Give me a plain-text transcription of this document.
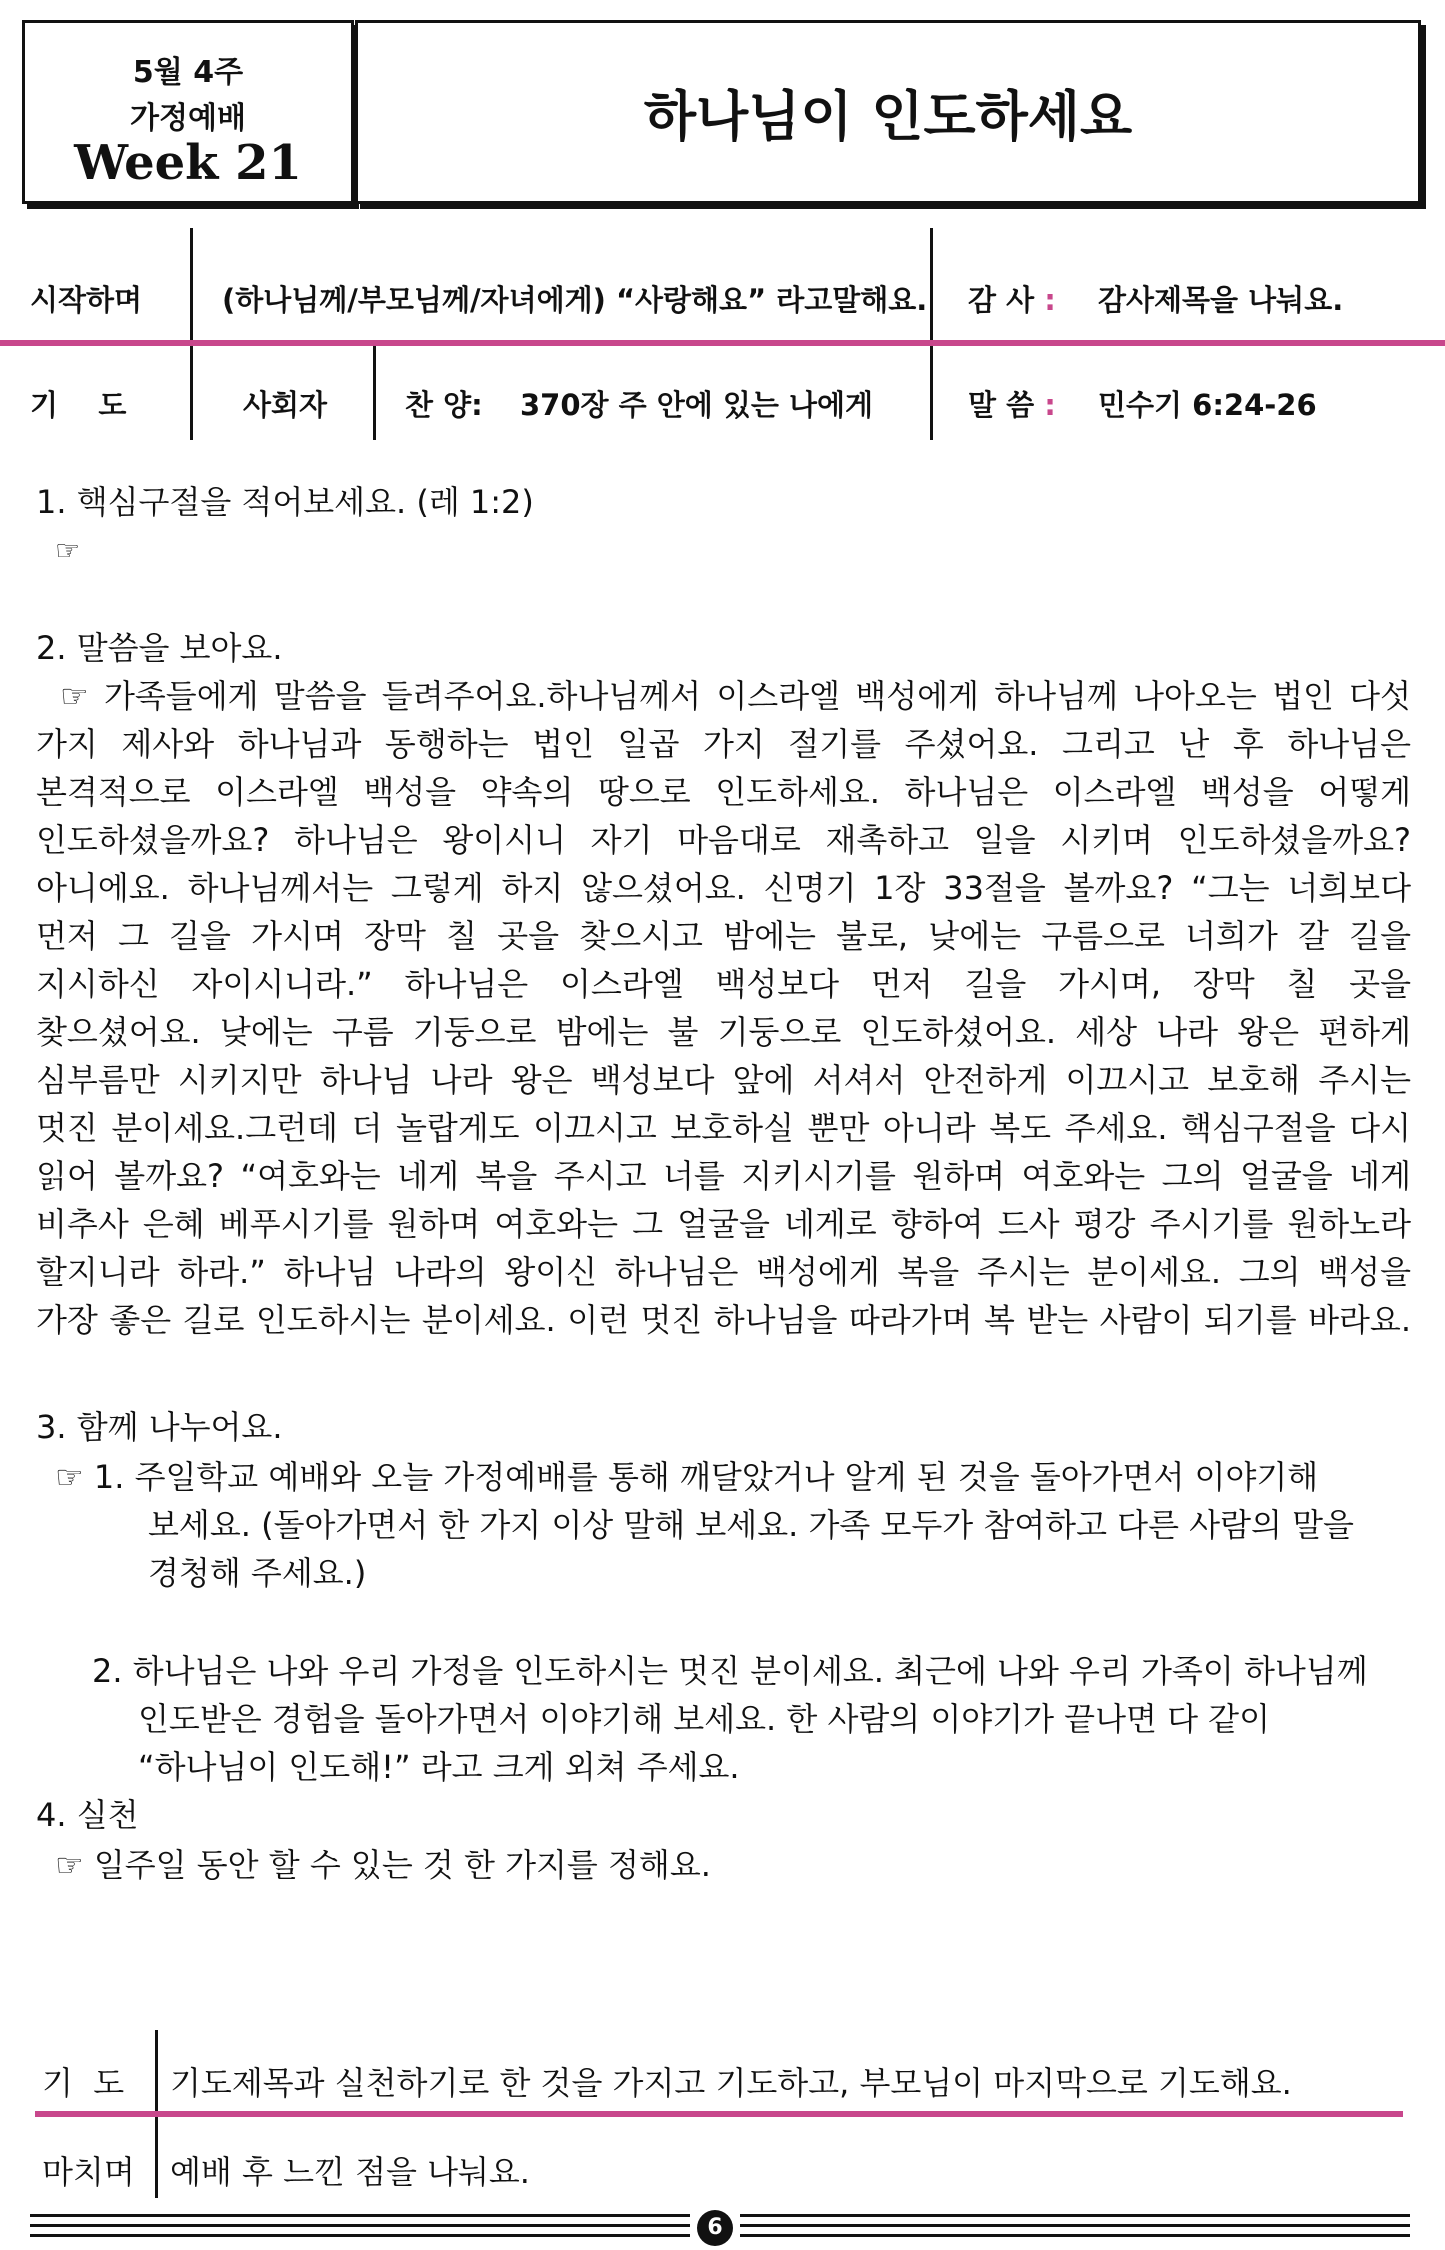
5월 4주
가정예배
Week 21
하나님이 인도하세요
시작하며	(하나님께/부모님께/자녀에게) “사랑해요” 라고말해요. 감 사 : 감사제목을 나눠요.
기    도	사회자	찬 양: 370장 주 안에 있는 나에게	말 씀 : 민수기 6:24-26
1. 핵심구절을 적어보세요. (레 1:2)
☞
2. 말씀을 보아요.
☞ 가족들에게 말씀을 들려주어요.하나님께서 이스라엘 백성에게 하나님께 나아오는 법인 다섯
가지 제사와 하나님과 동행하는 법인 일곱 가지 절기를 주셨어요. 그리고 난 후 하나님은
본격적으로 이스라엘 백성을 약속의 땅으로 인도하세요. 하나님은 이스라엘 백성을 어떻게
인도하셨을까요? 하나님은 왕이시니 자기 마음대로 재촉하고 일을 시키며 인도하셨을까요?
아니에요. 하나님께서는 그렇게 하지 않으셨어요. 신명기 1장 33절을 볼까요? “그는 너희보다
먼저 그 길을 가시며 장막 칠 곳을 찾으시고 밤에는 불로, 낮에는 구름으로 너희가 갈 길을
지시하신 자이시니라.” 하나님은 이스라엘 백성보다 먼저 길을 가시며, 장막 칠 곳을
찾으셨어요. 낮에는 구름 기둥으로 밤에는 불 기둥으로 인도하셨어요. 세상 나라 왕은 편하게
심부름만 시키지만 하나님 나라 왕은 백성보다 앞에 서셔서 안전하게 이끄시고 보호해 주시는
멋진 분이세요.그런데 더 놀랍게도 이끄시고 보호하실 뿐만 아니라 복도 주세요. 핵심구절을 다시
읽어 볼까요? “여호와는 네게 복을 주시고 너를 지키시기를 원하며 여호와는 그의 얼굴을 네게
비추사 은혜 베푸시기를 원하며 여호와는 그 얼굴을 네게로 향하여 드사 평강 주시기를 원하노라
할지니라 하라.” 하나님 나라의 왕이신 하나님은 백성에게 복을 주시는 분이세요. 그의 백성을
가장 좋은 길로 인도하시는 분이세요. 이런 멋진 하나님을 따라가며 복 받는 사람이 되기를 바라요.
3. 함께 나누어요.
☞ 1. 주일학교 예배와 오늘 가정예배를 통해 깨달았거나 알게 된 것을 돌아가면서 이야기해
보세요. (돌아가면서 한 가지 이상 말해 보세요. 가족 모두가 참여하고 다른 사람의 말을
경청해 주세요.)
2. 하나님은 나와 우리 가정을 인도하시는 멋진 분이세요. 최근에 나와 우리 가족이 하나님께
인도받은 경험을 돌아가면서 이야기해 보세요. 한 사람의 이야기가 끝나면 다 같이
“하나님이 인도해!” 라고 크게 외쳐 주세요.
4. 실천
☞ 일주일 동안 할 수 있는 것 한 가지를 정해요.
기  도 기도제목과 실천하기로 한 것을 가지고 기도하고, 부모님이 마지막으로 기도해요.
마치며 예배 후 느낀 점을 나눠요.
6
